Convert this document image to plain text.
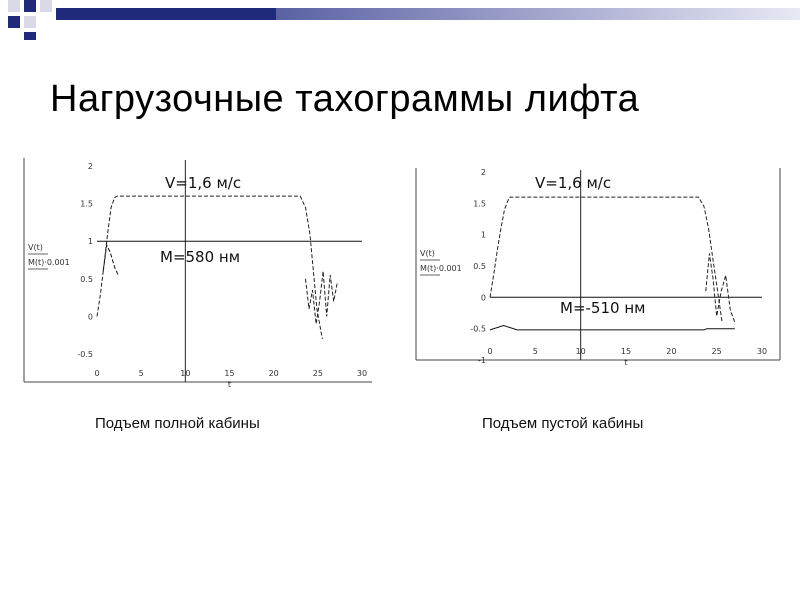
Нагрузочные тахограммы лифта
0	5	10	15	20	25	30
-0.5
0
0.5
1
1.5
2
t
V(t)
M(t)·0.001
V=1,6 м/с
M=580 нм
0	5	10	15	20	25	30
-1
-0.5
0
0.5
1
1.5
2
t
V(t)
M(t)·0.001
V=1,6 м/с
M=-510 нм
Подъем полной кабины	Подъем пустой кабины
